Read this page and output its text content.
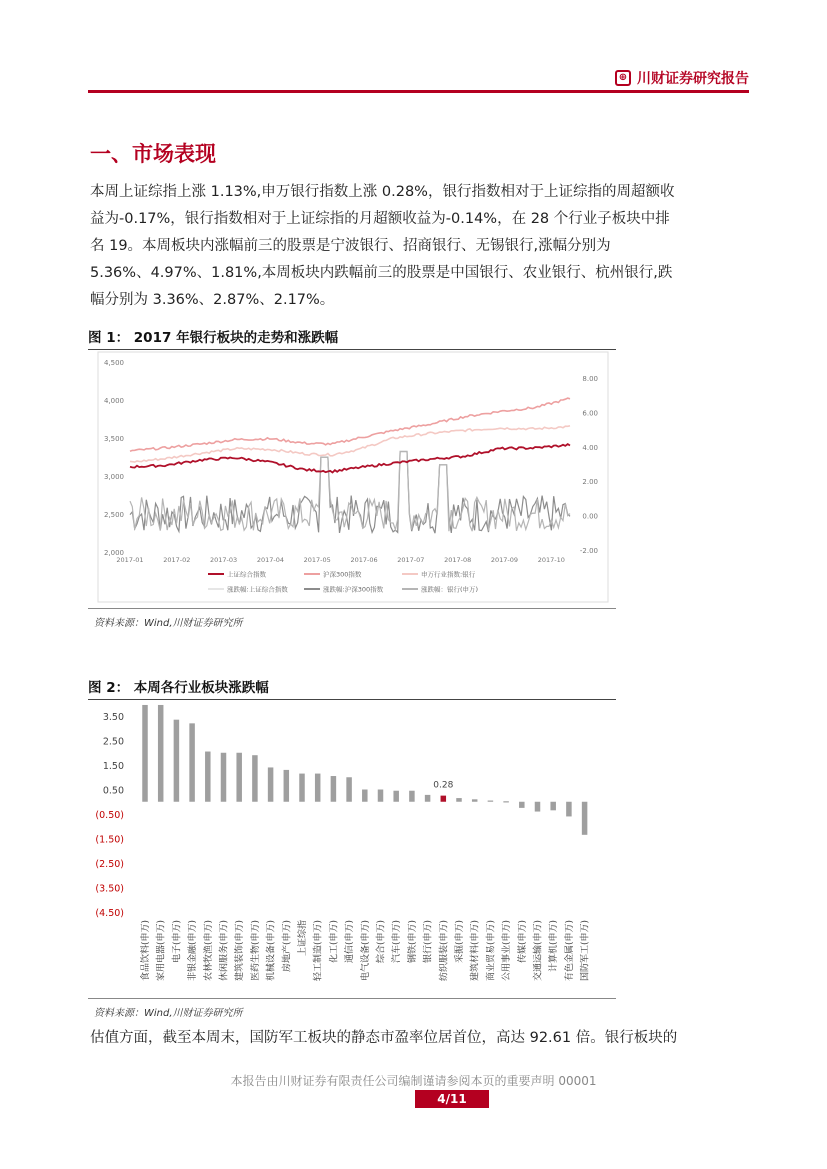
⊕ 川财证券研究报告
一、市场表现
本周上证综指上涨 1.13%,申万银行指数上涨 0.28%，银行指数相对于上证综指的周超额收
益为-0.17%，银行指数相对于上证综指的月超额收益为-0.14%，在 28 个行业子板块中排
名 19。本周板块内涨幅前三的股票是宁波银行、招商银行、无锡银行,涨幅分别为
5.36%、4.97%、1.81%,本周板块内跌幅前三的股票是中国银行、农业银行、杭州银行,跌
幅分别为 3.36%、2.87%、2.17%。

图 1： 2017 年银行板块的走势和涨跌幅

4,500
4,000
3,500
3,000
2,500
2,000
8.00
6.00
4.00
2.00
0.00
-2.00
2017-01	2017-02	2017-03	2017-04	2017-05	2017-06	2017-07	2017-08	2017-09	2017-10
上证综合指数	沪深300指数	申万行业指数:银行
涨跌幅:上证综合指数	涨跌幅:沪深300指数	涨跌幅：银行(申万)

资料来源：Wind,川财证券研究所

图 2： 本周各行业板块涨跌幅

3.50
2.50
1.50
0.50
(0.50)
(1.50)
(2.50)
(3.50)
(4.50)
0.28
食品饮料(申万) 家用电器(申万) 电子(申万) 非银金融(申万) 农林牧渔(申万) 休闲服务(申万) 建筑装饰(申万) 医药生物(申万) 机械设备(申万) 房地产(申万) 上证综指 轻工制造(申万) 化工(申万) 通信(申万) 电气设备(申万) 综合(申万) 汽车(申万) 钢铁(申万) 银行(申万) 纺织服装(申万) 采掘(申万) 建筑材料(申万) 商业贸易(申万) 公用事业(申万) 传媒(申万) 交通运输(申万) 计算机(申万) 有色金属(申万) 国防军工(申万)

资料来源：Wind,川财证券研究所

估值方面，截至本周末，国防军工板块的静态市盈率位居首位，高达 92.61 倍。银行板块的

本报告由川财证券有限责任公司编制谨请参阅本页的重要声明 00001

4/11
